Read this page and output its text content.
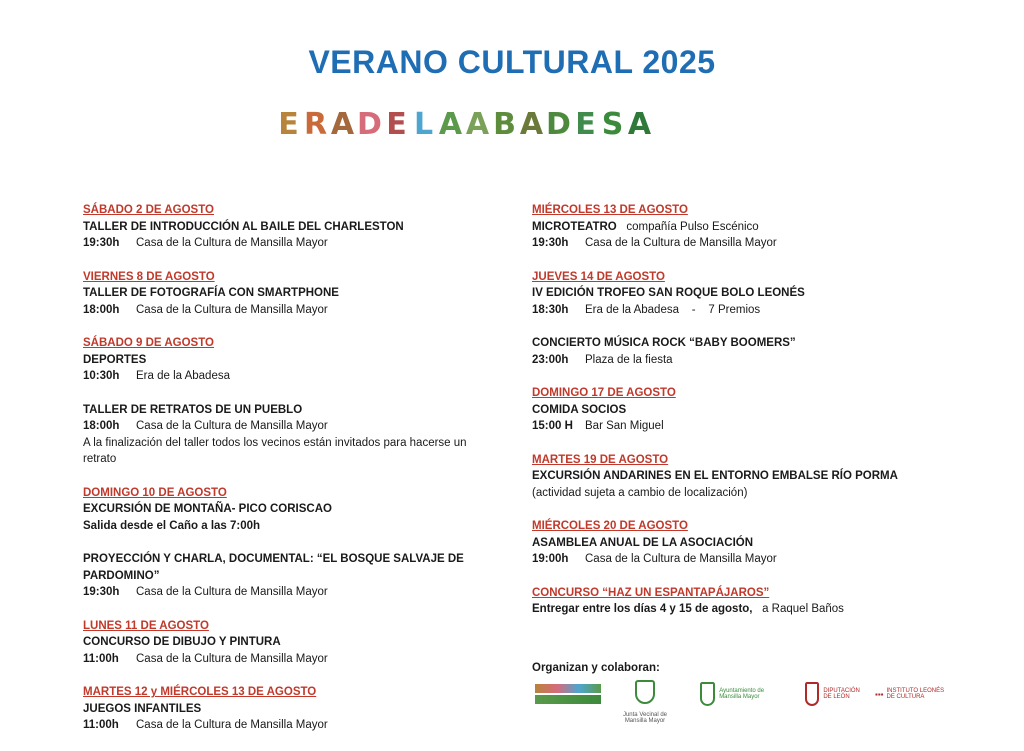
VERANO CULTURAL 2025
E R A D E L A A B A D E S A
SÁBADO 2 DE AGOSTO
TALLER DE INTRODUCCIÓN AL BAILE DEL CHARLESTON
19:30h Casa de la Cultura de Mansilla Mayor
VIERNES 8 DE AGOSTO
TALLER DE FOTOGRAFÍA CON SMARTPHONE
18:00h Casa de la Cultura de Mansilla Mayor
SÁBADO 9 DE AGOSTO
DEPORTES
10:30h Era de la Abadesa
TALLER DE RETRATOS DE UN PUEBLO
18:00h Casa de la Cultura de Mansilla Mayor
A la finalización del taller todos los vecinos están invitados para hacerse un retrato
DOMINGO 10 DE AGOSTO
EXCURSIÓN DE MONTAÑA- PICO CORISCAO
Salida desde el Caño a las 7:00h
PROYECCIÓN Y CHARLA, DOCUMENTAL: “EL BOSQUE SALVAJE DE PARDOMINO”
19:30h Casa de la Cultura de Mansilla Mayor
LUNES 11 DE AGOSTO
CONCURSO DE DIBUJO Y PINTURA
11:00h Casa de la Cultura de Mansilla Mayor
MARTES 12 y MIÉRCOLES 13 DE AGOSTO
JUEGOS INFANTILES
11:00h Casa de la Cultura de Mansilla Mayor
MIÉRCOLES 13 DE AGOSTO
MICROTEATRO compañía Pulso Escénico
19:30h Casa de la Cultura de Mansilla Mayor
JUEVES 14 DE AGOSTO
IV EDICIÓN TROFEO SAN ROQUE BOLO LEONÉS
18:30h Era de la Abadesa    -    7 Premios
CONCIERTO MÚSICA ROCK “BABY BOOMERS”
23:00h Plaza de la fiesta
DOMINGO 17 DE AGOSTO
COMIDA SOCIOS
15:00 H Bar San Miguel
MARTES 19 DE AGOSTO
EXCURSIÓN ANDARINES EN EL ENTORNO EMBALSE RÍO PORMA
(actividad sujeta a cambio de localización)
MIÉRCOLES 20 DE AGOSTO
ASAMBLEA ANUAL DE LA ASOCIACIÓN
19:00h Casa de la Cultura de Mansilla Mayor
CONCURSO “HAZ UN ESPANTAPÁJAROS”
Entregar entre los días 4 y 15 de agosto, a Raquel Baños
Organizan y colaboran:
Junta Vecinal de Mansilla Mayor
Ayuntamiento de Mansilla Mayor
DIPUTACIÓN DE LEÓN	▪▪▪ INSTITUTO LEONÉS DE CULTURA
